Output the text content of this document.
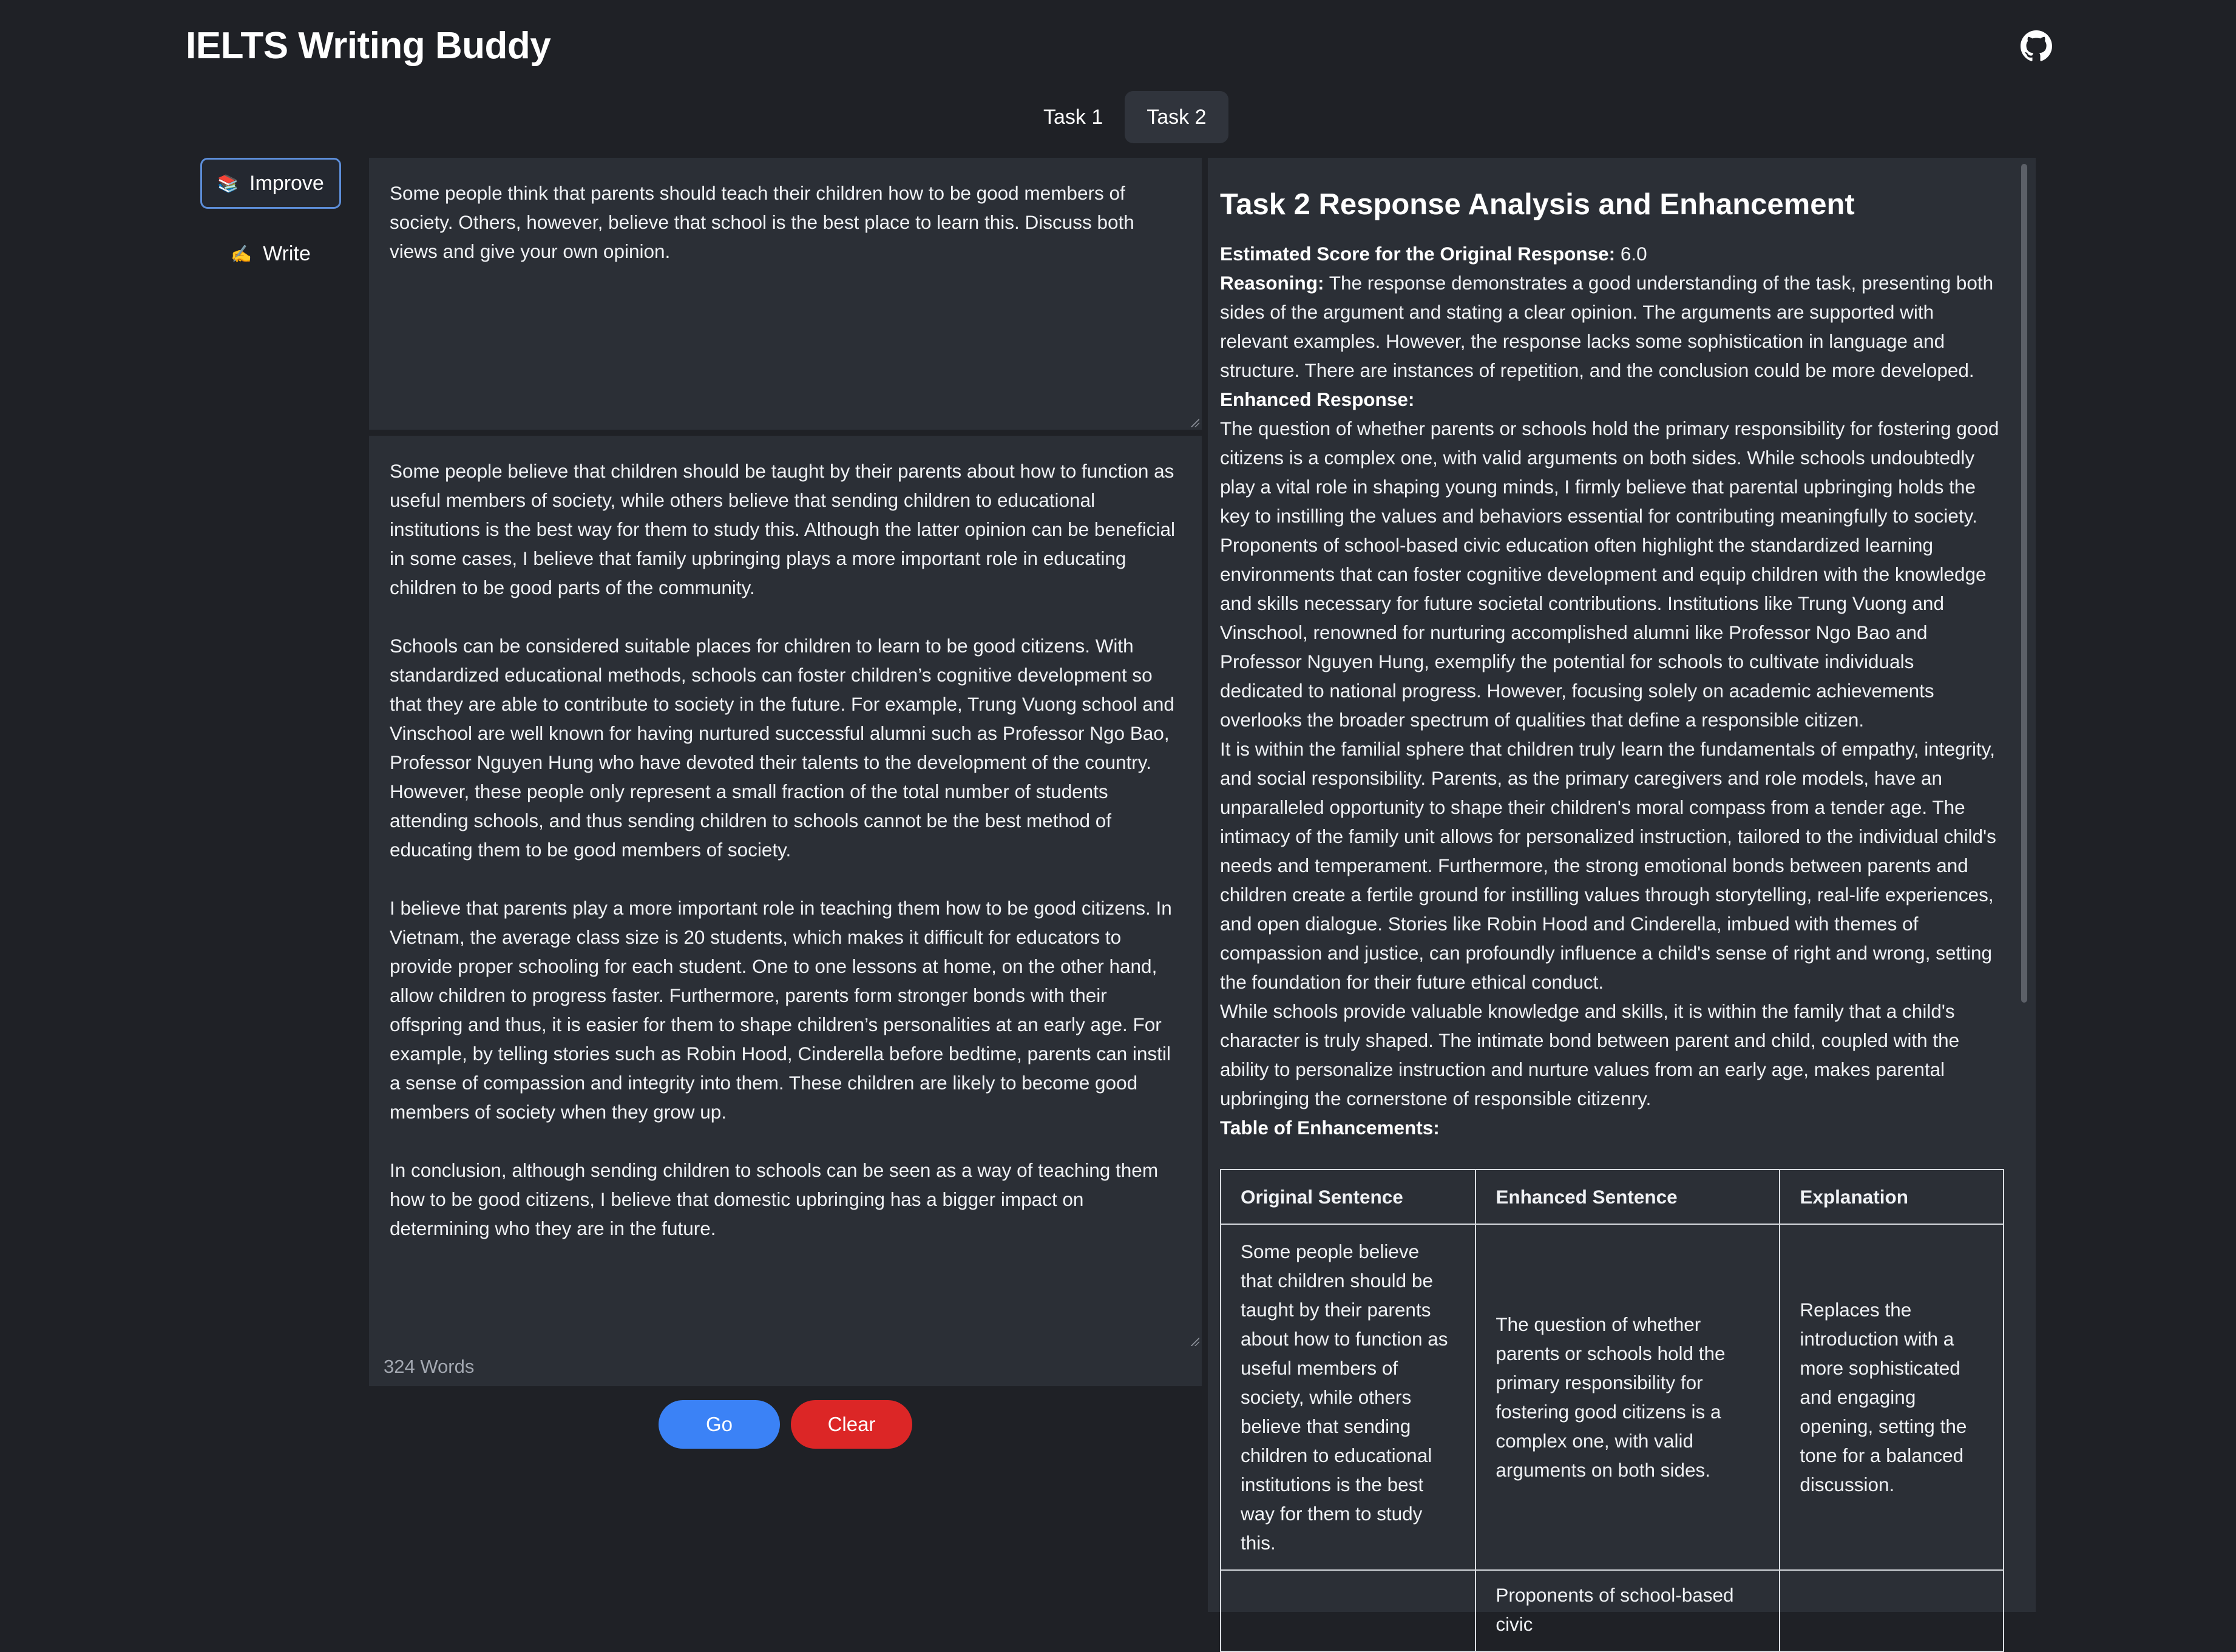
IELTS Writing Buddy
Task 1	Task 2
📚 Improve
✍️ Write
Some people think that parents should teach their children how to be good members of society. Others, however, believe that school is the best place to learn this. Discuss both views and give your own opinion.
Some people believe that children should be taught by their parents about how to function as useful members of society, while others believe that sending children to educational institutions is the best way for them to study this. Although the latter opinion can be beneficial in some cases, I believe that family upbringing plays a more important role in educating children to be good parts of the community.

Schools can be considered suitable places for children to learn to be good citizens. With standardized educational methods, schools can foster children’s cognitive development so that they are able to contribute to society in the future. For example, Trung Vuong school and Vinschool are well known for having nurtured successful alumni such as Professor Ngo Bao, Professor Nguyen Hung who have devoted their talents to the development of the country. However, these people only represent a small fraction of the total number of students attending schools, and thus sending children to schools cannot be the best method of educating them to be good members of society.

I believe that parents play a more important role in teaching them how to be good citizens. In Vietnam, the average class size is 20 students, which makes it difficult for educators to provide proper schooling for each student. One to one lessons at home, on the other hand, allow children to progress faster. Furthermore, parents form stronger bonds with their offspring and thus, it is easier for them to shape children’s personalities at an early age. For example, by telling stories such as Robin Hood, Cinderella before bedtime, parents can instil a sense of compassion and integrity into them. These children are likely to become good members of society when they grow up.

In conclusion, although sending children to schools can be seen as a way of teaching them how to be good citizens, I believe that domestic upbringing has a bigger impact on determining who they are in the future.
324 Words
Go	Clear
Task 2 Response Analysis and Enhancement

Estimated Score for the Original Response: 6.0

Reasoning: The response demonstrates a good understanding of the task, presenting both sides of the argument and stating a clear opinion. The arguments are supported with relevant examples. However, the response lacks some sophistication in language and structure. There are instances of repetition, and the conclusion could be more developed.

Enhanced Response:

The question of whether parents or schools hold the primary responsibility for fostering good citizens is a complex one, with valid arguments on both sides. While schools undoubtedly play a vital role in shaping young minds, I firmly believe that parental upbringing holds the key to instilling the values and behaviors essential for contributing meaningfully to society.

Proponents of school-based civic education often highlight the standardized learning environments that can foster cognitive development and equip children with the knowledge and skills necessary for future societal contributions. Institutions like Trung Vuong and Vinschool, renowned for nurturing accomplished alumni like Professor Ngo Bao and Professor Nguyen Hung, exemplify the potential for schools to cultivate individuals dedicated to national progress. However, focusing solely on academic achievements overlooks the broader spectrum of qualities that define a responsible citizen.

It is within the familial sphere that children truly learn the fundamentals of empathy, integrity, and social responsibility. Parents, as the primary caregivers and role models, have an unparalleled opportunity to shape their children's moral compass from a tender age. The intimacy of the family unit allows for personalized instruction, tailored to the individual child's needs and temperament. Furthermore, the strong emotional bonds between parents and children create a fertile ground for instilling values through storytelling, real-life experiences, and open dialogue. Stories like Robin Hood and Cinderella, imbued with themes of compassion and justice, can profoundly influence a child's sense of right and wrong, setting the foundation for their future ethical conduct.

While schools provide valuable knowledge and skills, it is within the family that a child's character is truly shaped. The intimate bond between parent and child, coupled with the ability to personalize instruction and nurture values from an early age, makes parental upbringing the cornerstone of responsible citizenry.

Table of Enhancements:

Original Sentence	Enhanced Sentence	Explanation
Some people believe that children should be taught by their parents about how to function as useful members of society, while others believe that sending children to educational institutions is the best way for them to study this.	The question of whether parents or schools hold the primary responsibility for fostering good citizens is a complex one, with valid arguments on both sides.	Replaces the introduction with a more sophisticated and engaging opening, setting the tone for a balanced discussion.
	Proponents of school-based civic	
